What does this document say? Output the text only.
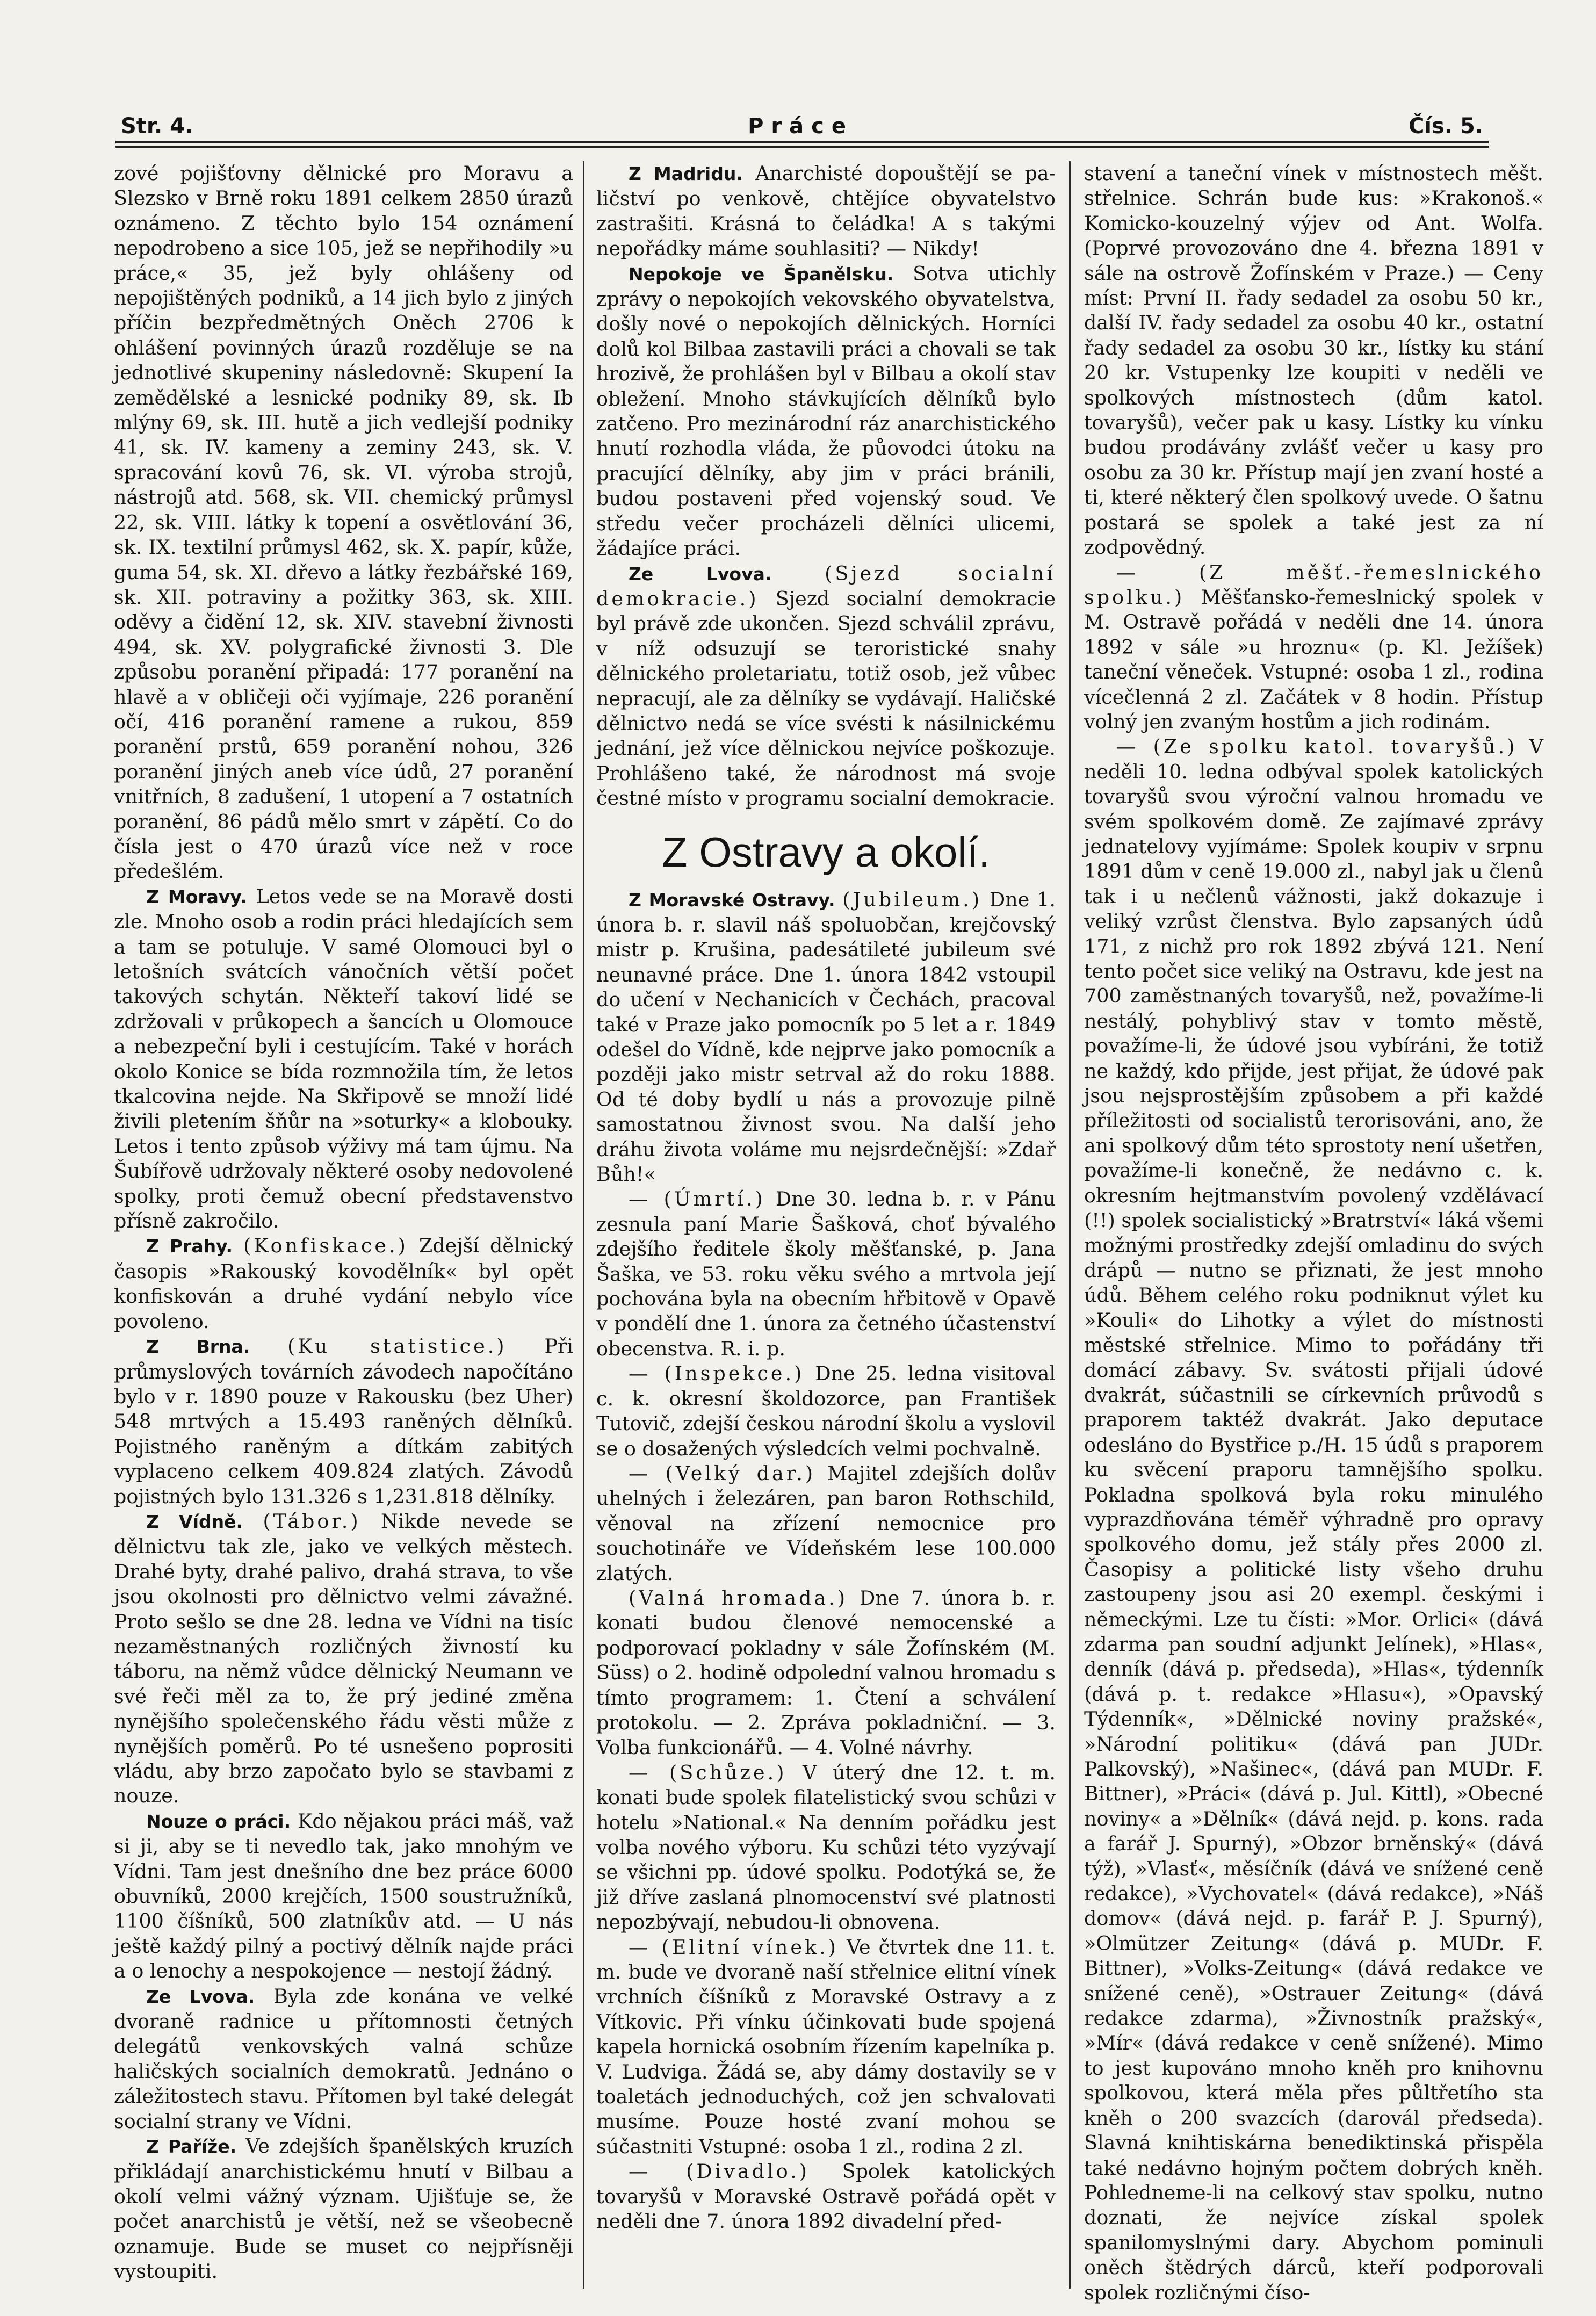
Str. 4.	Práce	Čís. 5.

zové pojišťovny dělnické pro Moravu a Slezsko v Brně roku 1891 celkem 2850 úrazů oznámeno. Z těchto bylo 154 oznámení nepodrobeno a sice 105, jež se nepřihodily »u práce,« 35, jež byly ohlášeny od nepojištěných podniků, a 14 jich bylo z jiných příčin bezpředmětných Oněch 2706 k ohlášení povinných úrazů rozděluje se na jednotlivé skupeniny následovně: Skupení Ia zemědělské a lesnické podniky 89, sk. Ib mlýny 69, sk. III. hutě a jich vedlejší podniky 41, sk. IV. kameny a zeminy 243, sk. V. spracování kovů 76, sk. VI. výroba strojů, nástrojů atd. 568, sk. VII. chemický průmysl 22, sk. VIII. látky k topení a osvětlování 36, sk. IX. textilní průmysl 462, sk. X. papír, kůže, guma 54, sk. XI. dřevo a látky řezbářské 169, sk. XII. potraviny a požitky 363, sk. XIII. oděvy a čidění 12, sk. XIV. stavební živnosti 494, sk. XV. polygrafické živnosti 3. Dle způsobu poranění připadá: 177 poranění na hlavě a v obličeji oči vyjímaje, 226 poranění očí, 416 poranění ramene a rukou, 859 poranění prstů, 659 poranění nohou, 326 poranění jiných aneb více údů, 27 poranění vnitřních, 8 zadušení, 1 utopení a 7 ostatních poranění, 86 pádů mělo smrt v zápětí. Co do čísla jest o 470 úrazů více než v roce předešlém.

Z Moravy. Letos vede se na Moravě dosti zle. Mnoho osob a rodin práci hledajících sem a tam se potuluje. V samé Olomouci byl o letošních svátcích vánočních větší počet takových schytán. Někteří takoví lidé se zdržovali v průkopech a šancích u Olomouce a nebezpeční byli i cestujícím. Také v horách okolo Konice se bída rozmnožila tím, že letos tkalcovina nejde. Na Skřipově se množí lidé živili pletením šňůr na »soturky« a klobouky. Letos i tento způsob výživy má tam újmu. Na Šubířově udržovaly některé osoby nedovolené spolky, proti čemuž obecní představenstvo přísně zakročilo.

Z Prahy. (Konfiskace.) Zdejší dělnický časopis »Rakouský kovodělník« byl opět konfiskován a druhé vydání nebylo více povoleno.

Z Brna. (Ku statistice.) Při průmyslových továrních závodech napočítáno bylo v r. 1890 pouze v Rakousku (bez Uher) 548 mrtvých a 15.493 raněných dělníků. Pojistného raněným a dítkám zabitých vyplaceno celkem 409.824 zlatých. Závodů pojistných bylo 131.326 s 1,231.818 dělníky.

Z Vídně. (Tábor.) Nikde nevede se dělnictvu tak zle, jako ve velkých městech. Drahé byty, drahé palivo, drahá strava, to vše jsou okolnosti pro dělnictvo velmi závažné. Proto sešlo se dne 28. ledna ve Vídni na tisíc nezaměstnaných rozličných živností ku táboru, na němž vůdce dělnický Neumann ve své řeči měl za to, že prý jediné změna nynějšího společenského řádu věsti může z nynějších poměrů. Po té usnešeno poprositi vládu, aby brzo započato bylo se stavbami z nouze.

Nouze o práci. Kdo nějakou práci máš, važ si ji, aby se ti nevedlo tak, jako mnohým ve Vídni. Tam jest dnešního dne bez práce 6000 obuvníků, 2000 krejčích, 1500 soustružníků, 1100 číšníků, 500 zlatníkův atd. — U nás ještě každý pilný a poctivý dělník najde práci a o lenochy a nespokojence — nestojí žádný.

Ze Lvova. Byla zde konána ve velké dvoraně radnice u přítomnosti četných delegátů venkovských valná schůze haličských socialních demokratů. Jednáno o záležitostech stavu. Přítomen byl také delegát socialní strany ve Vídni.

Z Paříže. Ve zdejších španělských kruzích přikládají anarchistickému hnutí v Bilbau a okolí velmi vážný význam. Ujišťuje se, že počet anarchistů je větší, než se všeobecně oznamuje. Bude se muset co nejpřísněji vystoupiti.

Z Madridu. Anarchisté dopouštějí se pa-ličství po venkově, chtějíce obyvatelstvo zastrašiti. Krásná to čeládka! A s takými nepořádky máme souhlasiti? — Nikdy!

Nepokoje ve Španělsku. Sotva utichly zprávy o nepokojích vekovského obyvatelstva, došly nové o nepokojích dělnických. Horníci dolů kol Bilbaa zastavili práci a chovali se tak hrozivě, že prohlášen byl v Bilbau a okolí stav obležení. Mnoho stávkujících dělníků bylo zatčeno. Pro mezinárodní ráz anarchistického hnutí rozhodla vláda, že půovodci útoku na pracující dělníky, aby jim v práci bránili, budou postaveni před vojenský soud. Ve středu večer procházeli dělníci ulicemi, žádajíce práci.

Ze Lvova.	(Sjezd socialní demokracie.) Sjezd socialní demokracie byl právě zde ukončen. Sjezd schválil zprávu, v níž odsuzují se teroristické snahy dělnického proletariatu, totiž osob, jež vůbec nepracují, ale za dělníky se vydávají. Haličské dělnictvo nedá se více svésti k násilnickému jednání, jež více dělnickou nejvíce poškozuje. Prohlášeno také, že národnost má svoje čestné místo v programu socialní demokracie.

Z Ostravy a okolí.

Z Moravské Ostravy. (Jubileum.) Dne 1. února b. r. slavil náš spoluobčan, krejčovský mistr p. Krušina, padesátileté jubileum své neunavné práce. Dne 1. února 1842 vstoupil do učení v Nechanicích v Čechách, pracoval také v Praze jako pomocník po 5 let a r. 1849 odešel do Vídně, kde nejprve jako pomocník a později jako mistr setrval až do roku 1888. Od té doby bydlí u nás a provozuje pilně samostatnou živnost svou. Na další jeho dráhu života voláme mu nejsrdečnější: »Zdař Bůh!«

— (Úmrtí.) Dne 30. ledna b. r. v Pánu zesnula paní Marie Šašková, choť bývalého zdejšího ředitele školy měšťanské, p. Jana Šaška, ve 53. roku věku svého a mrtvola její pochována byla na obecním hřbitově v Opavě v pondělí dne 1. února za četného účastenství obecenstva. R. i. p.

— (Inspekce.) Dne 25. ledna visitoval c. k. okresní školdozorce, pan František Tutovič, zdejší českou národní školu a vyslovil se o dosažených výsledcích velmi pochvalně.

— (Velký dar.) Majitel zdejších dolův uhelných i železáren, pan baron Rothschild, věnoval na zřízení nemocnice pro souchotináře ve Vídeňském lese 100.000 zlatých.

(Valná hromada.) Dne 7. února b. r. konati budou členové nemocenské a podporovací pokladny v sále Žofínském (M. Süss) o 2. hodině odpolední valnou hromadu s tímto programem: 1. Čtení a schválení protokolu. — 2. Zpráva pokladniční. — 3. Volba funkcionářů. — 4. Volné návrhy.

— (Schůze.) V úterý dne 12. t. m. konati bude spolek filatelistický svou schůzi v hotelu »National.« Na denním pořádku jest volba nového výboru. Ku schůzi této vyzývají se všichni pp. údové spolku. Podotýká se, že již dříve zaslaná plnomocenství své platnosti nepozbývají, nebudou-li obnovena.

— (Elitní vínek.) Ve čtvrtek dne 11. t. m. bude ve dvoraně naší střelnice elitní vínek vrchních číšníků z Moravské Ostravy a z Vítkovic. Při vínku účinkovati bude spojená kapela hornická osobním řízením kapelníka p. V. Ludviga. Žádá se, aby dámy dostavily se v toaletách jednoduchých, což jen schvalovati musíme. Pouze hosté zvaní mohou se súčastniti Vstupné: osoba 1 zl., rodina 2 zl.

— (Divadlo.) Spolek katolických tovaryšů v Moravské Ostravě pořádá opět v neděli dne 7. února 1892 divadelní před-

stavení a taneční vínek v místnostech měšt. střelnice. Schrán bude kus: »Krakonoš.« Komicko-kouzelný výjev od Ant. Wolfa. (Poprvé provozováno dne 4. března 1891 v sále na ostrově Žofínském v Praze.) — Ceny míst: První II. řady sedadel za osobu 50 kr., další IV. řady sedadel za osobu 40 kr., ostatní řady sedadel za osobu 30 kr., lístky ku stání 20 kr. Vstupenky lze koupiti v neděli ve spolkových místnostech (dům katol. tovaryšů), večer pak u kasy. Lístky ku vínku budou prodávány zvlášť večer u kasy pro osobu za 30 kr. Přístup mají jen zvaní hosté a ti, které některý člen spolkový uvede. O šatnu postará se spolek a také jest za ní zodpovědný.

— (Z měšť.-řemeslnického spolku.) Měšťansko-řemeslnický spolek v M. Ostravě pořádá v neděli dne 14. února 1892 v sále »u hroznu« (p. Kl. Ježíšek) taneční věneček. Vstupné: osoba 1 zl., rodina vícečlenná 2 zl. Začátek v 8 hodin. Přístup volný jen zvaným hostům a jich rodinám.

— (Ze spolku katol. tovaryšů.) V neděli 10. ledna odbýval spolek katolických tovaryšů svou výroční valnou hromadu ve svém spolkovém domě. Ze zajímavé zprávy jednatelovy vyjímáme: Spolek koupiv v srpnu 1891 dům v ceně 19.000 zl., nabyl jak u členů tak i u nečlenů vážnosti, jakž dokazuje i veliký vzrůst členstva. Bylo zapsaných údů 171, z nichž pro rok 1892 zbývá 121. Není tento počet sice veliký na Ostravu, kde jest na 700 zaměstnaných tovaryšů, než, považíme-li nestálý, pohyblivý stav v tomto městě, považíme-li, že údové jsou vybíráni, že totiž ne každý, kdo přijde, jest přijat, že údové pak jsou nejsprostějším způsobem a při každé příležitosti od socialistů terorisováni, ano, že ani spolkový dům této sprostoty není ušetřen, považíme-li konečně, že nedávno c. k. okresním hejtmanstvím povolený vzdělávací (!!) spolek socialistický »Bratrství« láká všemi možnými prostředky zdejší omladinu do svých drápů — nutno se přiznati, že jest mnoho údů. Během celého roku podniknut výlet ku »Kouli« do Lihotky a výlet do místnosti městské střelnice. Mimo to pořádány tři domácí zábavy. Sv. svátosti přijali údové dvakrát, súčastnili se církevních průvodů s praporem taktéž dvakrát. Jako deputace odesláno do Bystřice p./H. 15 údů s praporem ku svěcení praporu tamnějšího spolku. Pokladna spolková byla roku minulého vyprazdňována téměř výhradně pro opravy spolkového domu, jež stály přes 2000 zl. Časopisy a politické listy všeho druhu zastoupeny jsou asi 20 exempl. českými i německými. Lze tu čísti: »Mor. Orlici« (dává zdarma pan soudní adjunkt Jelínek), »Hlas«, denník (dává p. předseda), »Hlas«, týdenník (dává p. t. redakce »Hlasu«), »Opavský Týdenník«, »Dělnické noviny pražské«, »Národní politiku« (dává pan JUDr. Palkovský), »Našinec«, (dává pan MUDr. F. Bittner), »Práci« (dává p. Jul. Kittl), »Obecné noviny« a »Dělník« (dává nejd. p. kons. rada a farář J. Spurný), »Obzor brněnský« (dává týž), »Vlasť«, měsíčník (dává ve snížené ceně redakce), »Vychovatel« (dává redakce), »Náš domov« (dává nejd. p. farář P. J. Spurný), »Olmützer Zeitung« (dává p. MUDr. F. Bittner), »Volks-Zeitung« (dává redakce ve snížené ceně), »Ostrauer Zeitung« (dává redakce zdarma), »Živnostník pražský«, »Mír« (dává redakce v ceně snížené). Mimo to jest kupováno mnoho kněh pro knihovnu spolkovou, která měla přes půltřetího sta kněh o 200 svazcích (darovál předseda). Slavná knihtiskárna benediktinská přispěla také nedávno hojným počtem dobrých kněh. Pohledneme-li na celkový stav spolku, nutno doznati, že nejvíce získal spolek spanilomyslnými dary. Abychom pominuli oněch štědrých dárců, kteří podporovali spolek rozličnými číso-
